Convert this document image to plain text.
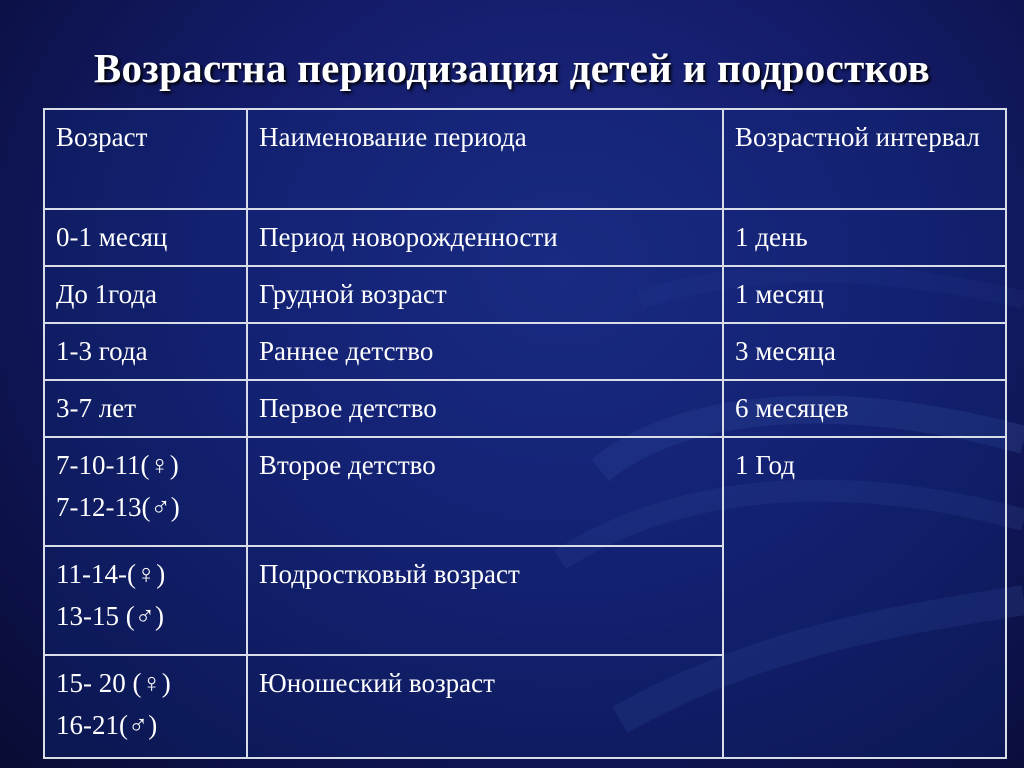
Возрастна периодизация детей и подростков
Возраст	Наименование периода	Возрастной интервал

0-1 месяц	Период новорожденности	1 день

До 1года	Грудной возраст	1 месяц

1-3 года	Раннее детство	3 месяца

3-7 лет	Первое детство	6 месяцев

7-10-11(♀)
7-12-13(♂)	Второе детство	1 Год

11-14-(♀)
13-15 (♂)	Подростковый возраст	

15- 20 (♀)
16-21(♂)	Юношеский возраст	
